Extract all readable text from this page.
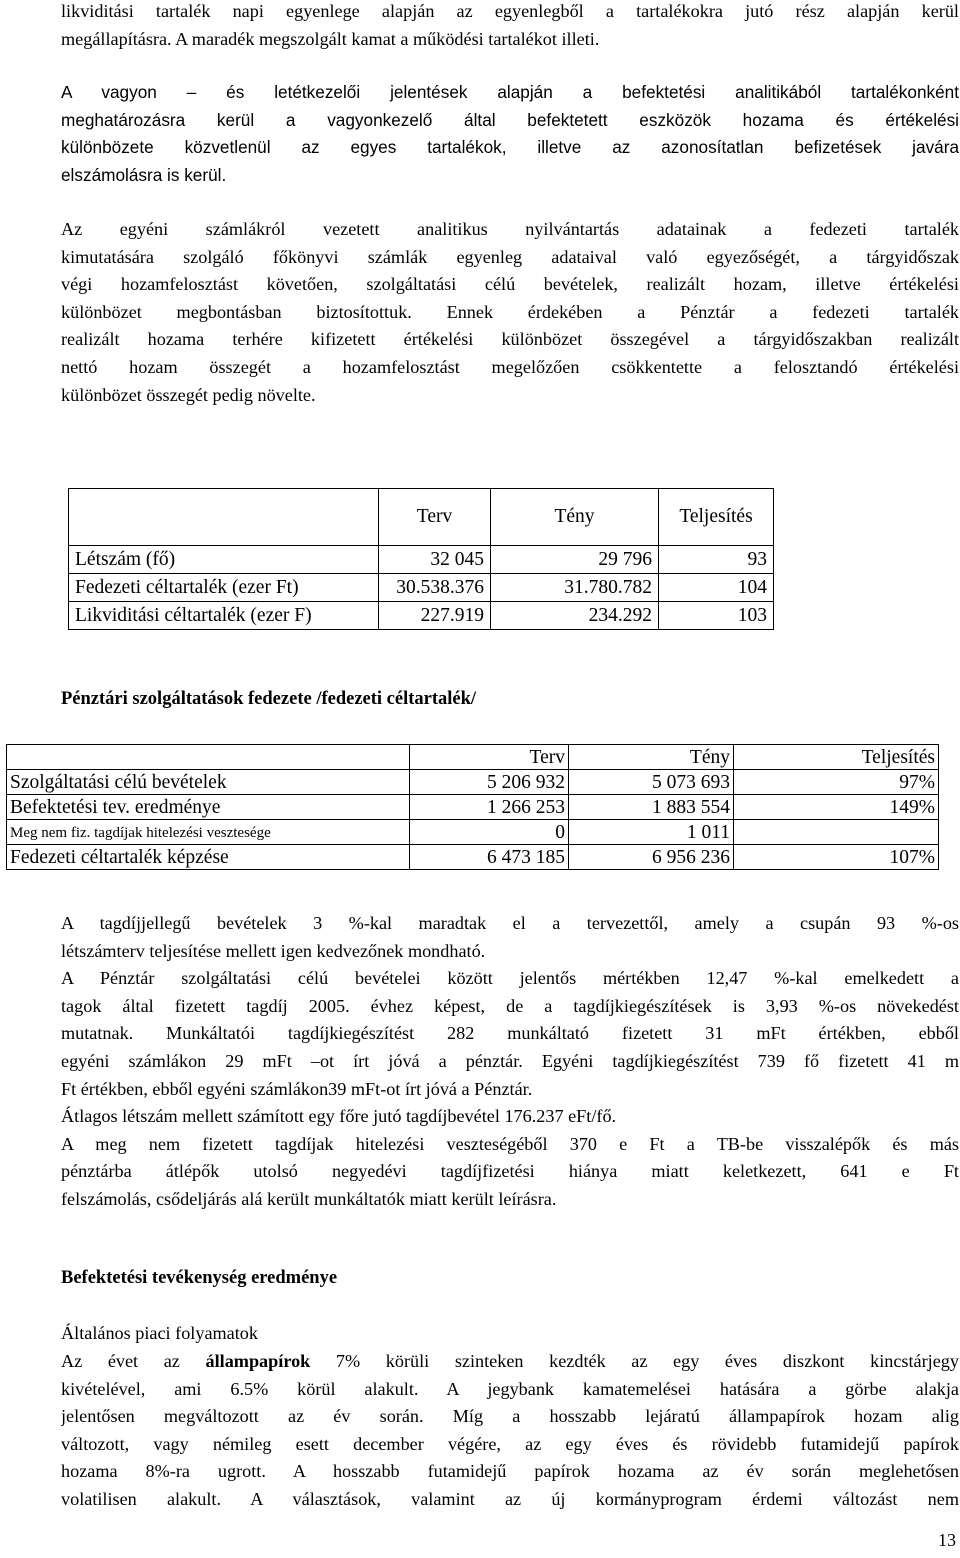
likviditási tartalék napi egyenlege alapján az egyenlegből a tartalékokra jutó rész alapján kerül
megállapításra. A maradék megszolgált kamat a működési tartalékot illeti.
A vagyon – és letétkezelői jelentések alapján a befektetési analitikából tartalékonként
meghatározásra kerül a vagyonkezelő által befektetett eszközök hozama és értékelési
különbözete közvetlenül az egyes tartalékok, illetve az azonosítatlan befizetések javára
elszámolásra is kerül.
Az egyéni számlákról vezetett analitikus nyilvántartás adatainak a fedezeti tartalék
kimutatására szolgáló főkönyvi számlák egyenleg adataival való egyezőségét, a tárgyidőszak
végi hozamfelosztást követően, szolgáltatási célú bevételek, realizált hozam, illetve értékelési
különbözet megbontásban biztosítottuk. Ennek érdekében a Pénztár a fedezeti tartalék
realizált hozama terhére kifizetett értékelési különbözet összegével a tárgyidőszakban realizált
nettó hozam összegét a hozamfelosztást megelőzően csökkentette a felosztandó értékelési
különbözet összegét pedig növelte.
	Terv	Tény	Teljesítés
Létszám (fő)	32 045	29 796	93
Fedezeti céltartalék (ezer Ft)	30.538.376	31.780.782	104
Likviditási céltartalék (ezer F)	227.919	234.292	103

Pénztári szolgáltatások fedezete /fedezeti céltartalék/

	Terv	Tény	Teljesítés
Szolgáltatási célú bevételek	5 206 932	5 073 693	97%
Befektetési tev. eredménye	1 266 253	1 883 554	149%
Meg nem fiz. tagdíjak hitelezési vesztesége	0	1 011	
Fedezeti céltartalék képzése	6 473 185	6 956 236	107%
A tagdíjjellegű bevételek 3 %-kal maradtak el a tervezettől, amely a csupán 93 %-os
létszámterv teljesítése mellett igen kedvezőnek mondható.
A Pénztár szolgáltatási célú bevételei között jelentős mértékben 12,47 %-kal emelkedett a
tagok által fizetett tagdíj 2005. évhez képest, de a tagdíjkiegészítések is 3,93 %-os növekedést
mutatnak. Munkáltatói tagdíjkiegészítést 282 munkáltató fizetett 31 mFt értékben, ebből
egyéni számlákon 29 mFt –ot írt jóvá a pénztár. Egyéni tagdíjkiegészítést 739 fő fizetett 41 m
Ft értékben, ebből egyéni számlákon39 mFt-ot írt jóvá a Pénztár.
Átlagos létszám mellett számított egy főre jutó tagdíjbevétel 176.237 eFt/fő.
A meg nem fizetett tagdíjak hitelezési veszteségéből 370 e Ft a TB-be visszalépők és más
pénztárba átlépők utolsó negyedévi tagdíjfizetési hiánya miatt keletkezett, 641 e Ft
felszámolás, csődeljárás alá került munkáltatók miatt került leírásra.

Befektetési tevékenység eredménye

Általános piaci folyamatok
Az évet az állampapírok 7% körüli szinteken kezdték az egy éves diszkont kincstárjegy
kivételével, ami 6.5% körül alakult. A jegybank kamatemelései hatására a görbe alakja
jelentősen megváltozott az év során. Míg a hosszabb lejáratú állampapírok hozam alig
változott, vagy némileg esett december végére, az egy éves és rövidebb futamidejű papírok
hozama 8%-ra ugrott. A hosszabb futamidejű papírok hozama az év során meglehetősen
volatilisen alakult. A választások, valamint az új kormányprogram érdemi változást nem
13
